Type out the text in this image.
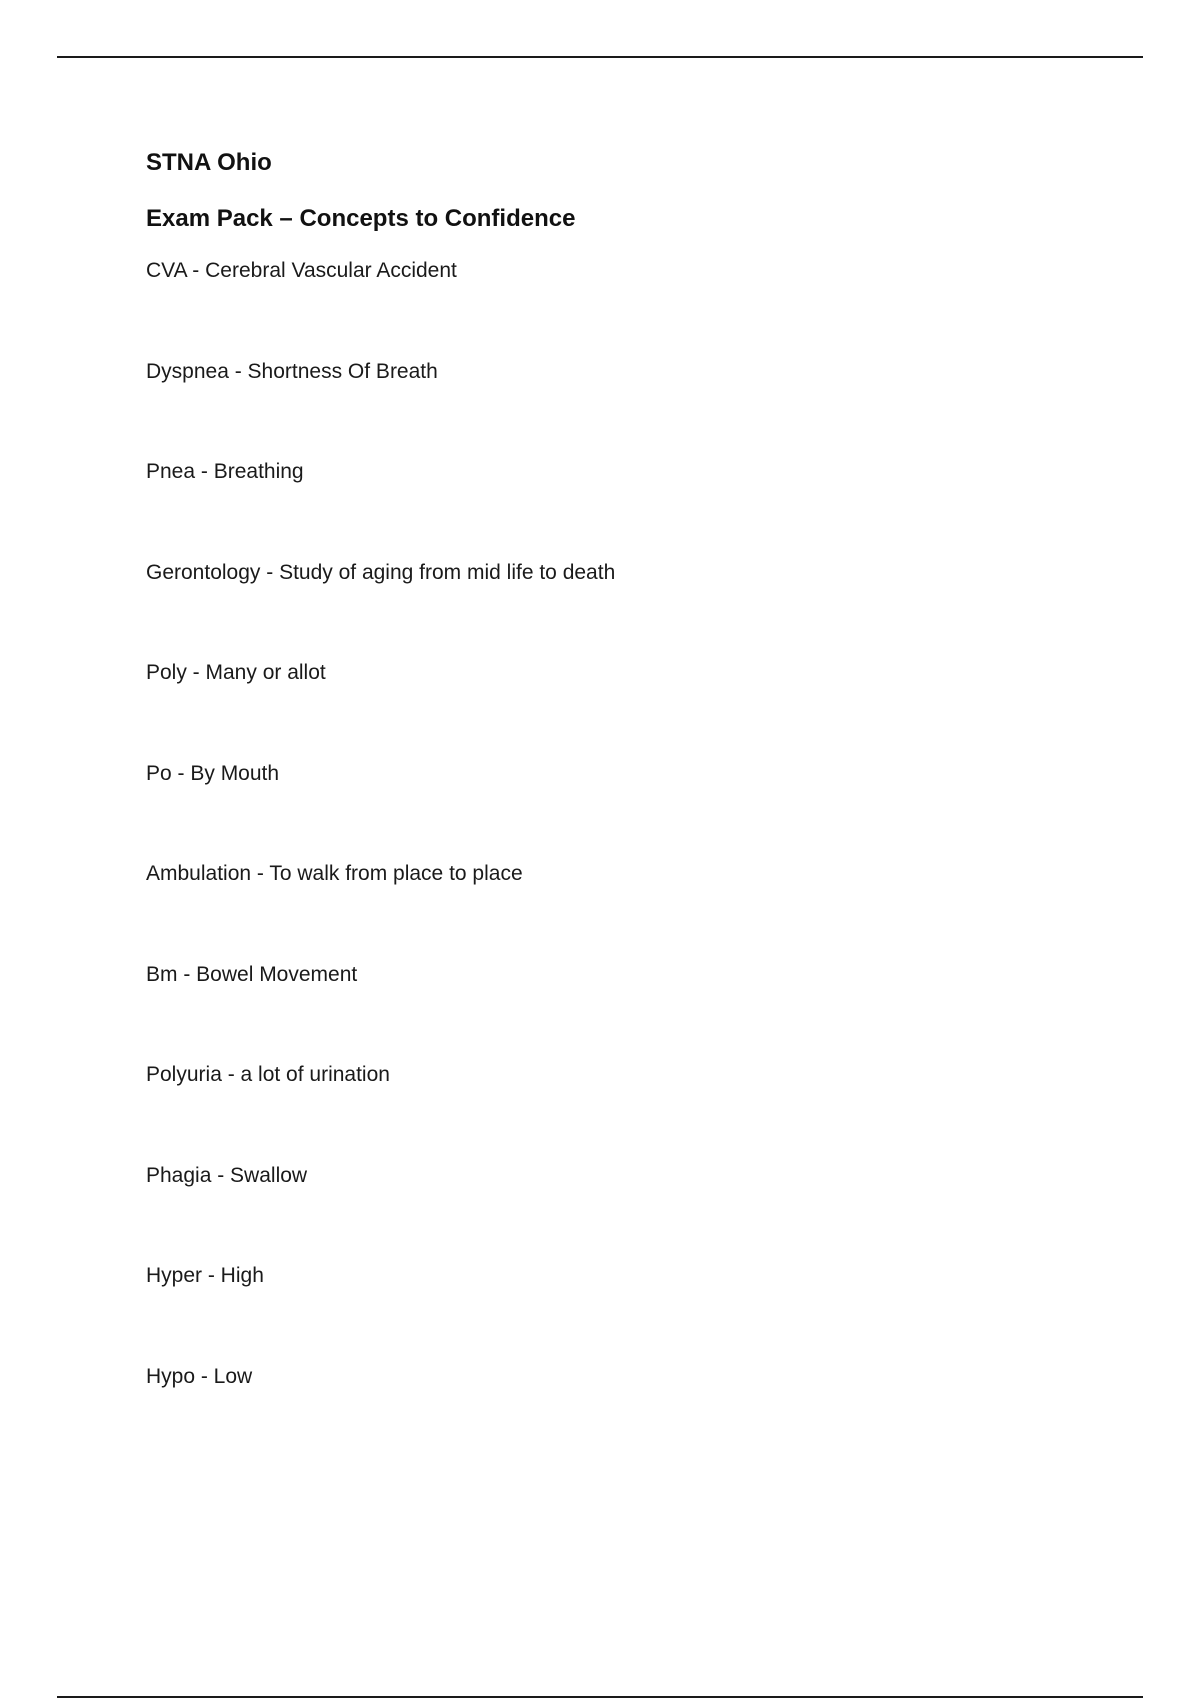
STNA Ohio
Exam Pack – Concepts to Confidence
CVA - Cerebral Vascular Accident
Dyspnea - Shortness Of Breath
Pnea - Breathing
Gerontology - Study of aging from mid life to death
Poly - Many or allot
Po - By Mouth
Ambulation - To walk from place to place
Bm - Bowel Movement
Polyuria - a lot of urination
Phagia - Swallow
Hyper - High
Hypo - Low
